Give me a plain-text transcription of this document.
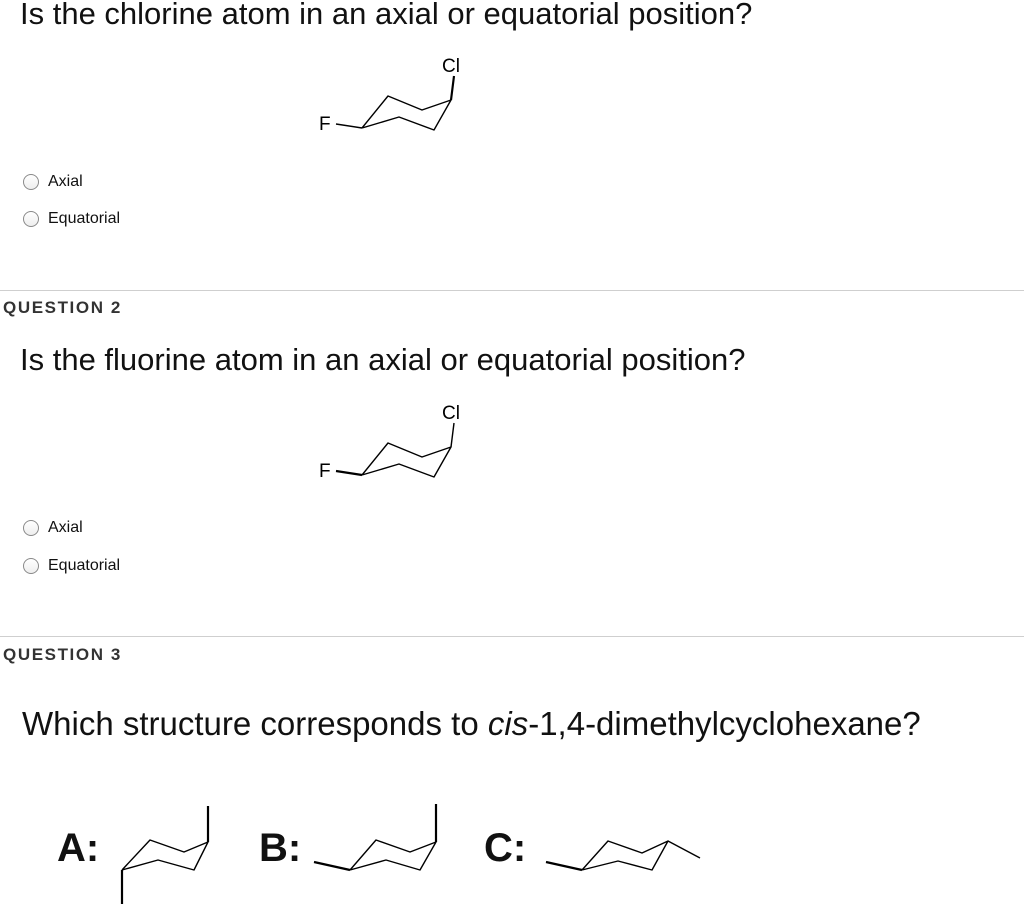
Is the chlorine atom in an axial or equatorial position?
Cl
F
Axial
Equatorial
QUESTION 2
Is the fluorine atom in an axial or equatorial position?
Cl
F
Axial
Equatorial
QUESTION 3
Which structure corresponds to cis-1,4-dimethylcyclohexane?
A:	B:	C:
